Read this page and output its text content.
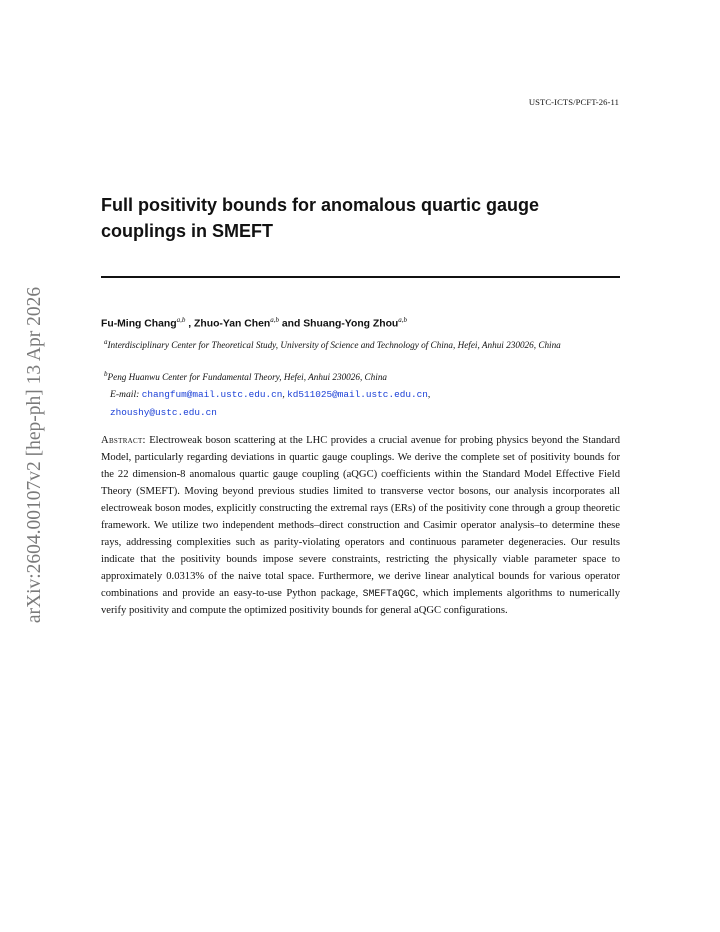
USTC-ICTS/PCFT-26-11
arXiv:2604.00107v2 [hep-ph] 13 Apr 2026
Full positivity bounds for anomalous quartic gauge couplings in SMEFT
Fu-Ming Chang$^{a,b}$ , Zhuo-Yan Chen$^{a,b}$ and Shuang-Yong Zhou$^{a,b}$
$^a$Interdisciplinary Center for Theoretical Study, University of Science and Technology of China, Hefei, Anhui 230026, China
$^b$Peng Huanwu Center for Fundamental Theory, Hefei, Anhui 230026, China
E-mail: changfum@mail.ustc.edu.cn, kd511025@mail.ustc.edu.cn,
zhoushy@ustc.edu.cn

Abstract: Electroweak boson scattering at the LHC provides a crucial avenue for probing physics beyond the Standard Model, particularly regarding deviations in quartic gauge couplings. We derive the complete set of positivity bounds for the 22 dimension-8 anomalous quartic gauge coupling (aQGC) coefficients within the Standard Model Effective Field Theory (SMEFT). Moving beyond previous studies limited to transverse vector bosons, our analysis incorporates all electroweak boson modes, explicitly constructing the extremal rays (ERs) of the positivity cone through a group theoretic framework. We utilize two independent methods–direct construction and Casimir operator analysis–to determine these rays, addressing complexities such as parity-violating operators and continuous parameter degeneracies. Our results indicate that the positivity bounds impose severe constraints, restricting the physically viable parameter space to approximately 0.0313% of the naive total space. Furthermore, we derive linear analytical bounds for various operator combinations and provide an easy-to-use Python package, SMEFTaQGC, which implements algorithms to numerically verify positivity and compute the optimized positivity bounds for general aQGC configurations.
